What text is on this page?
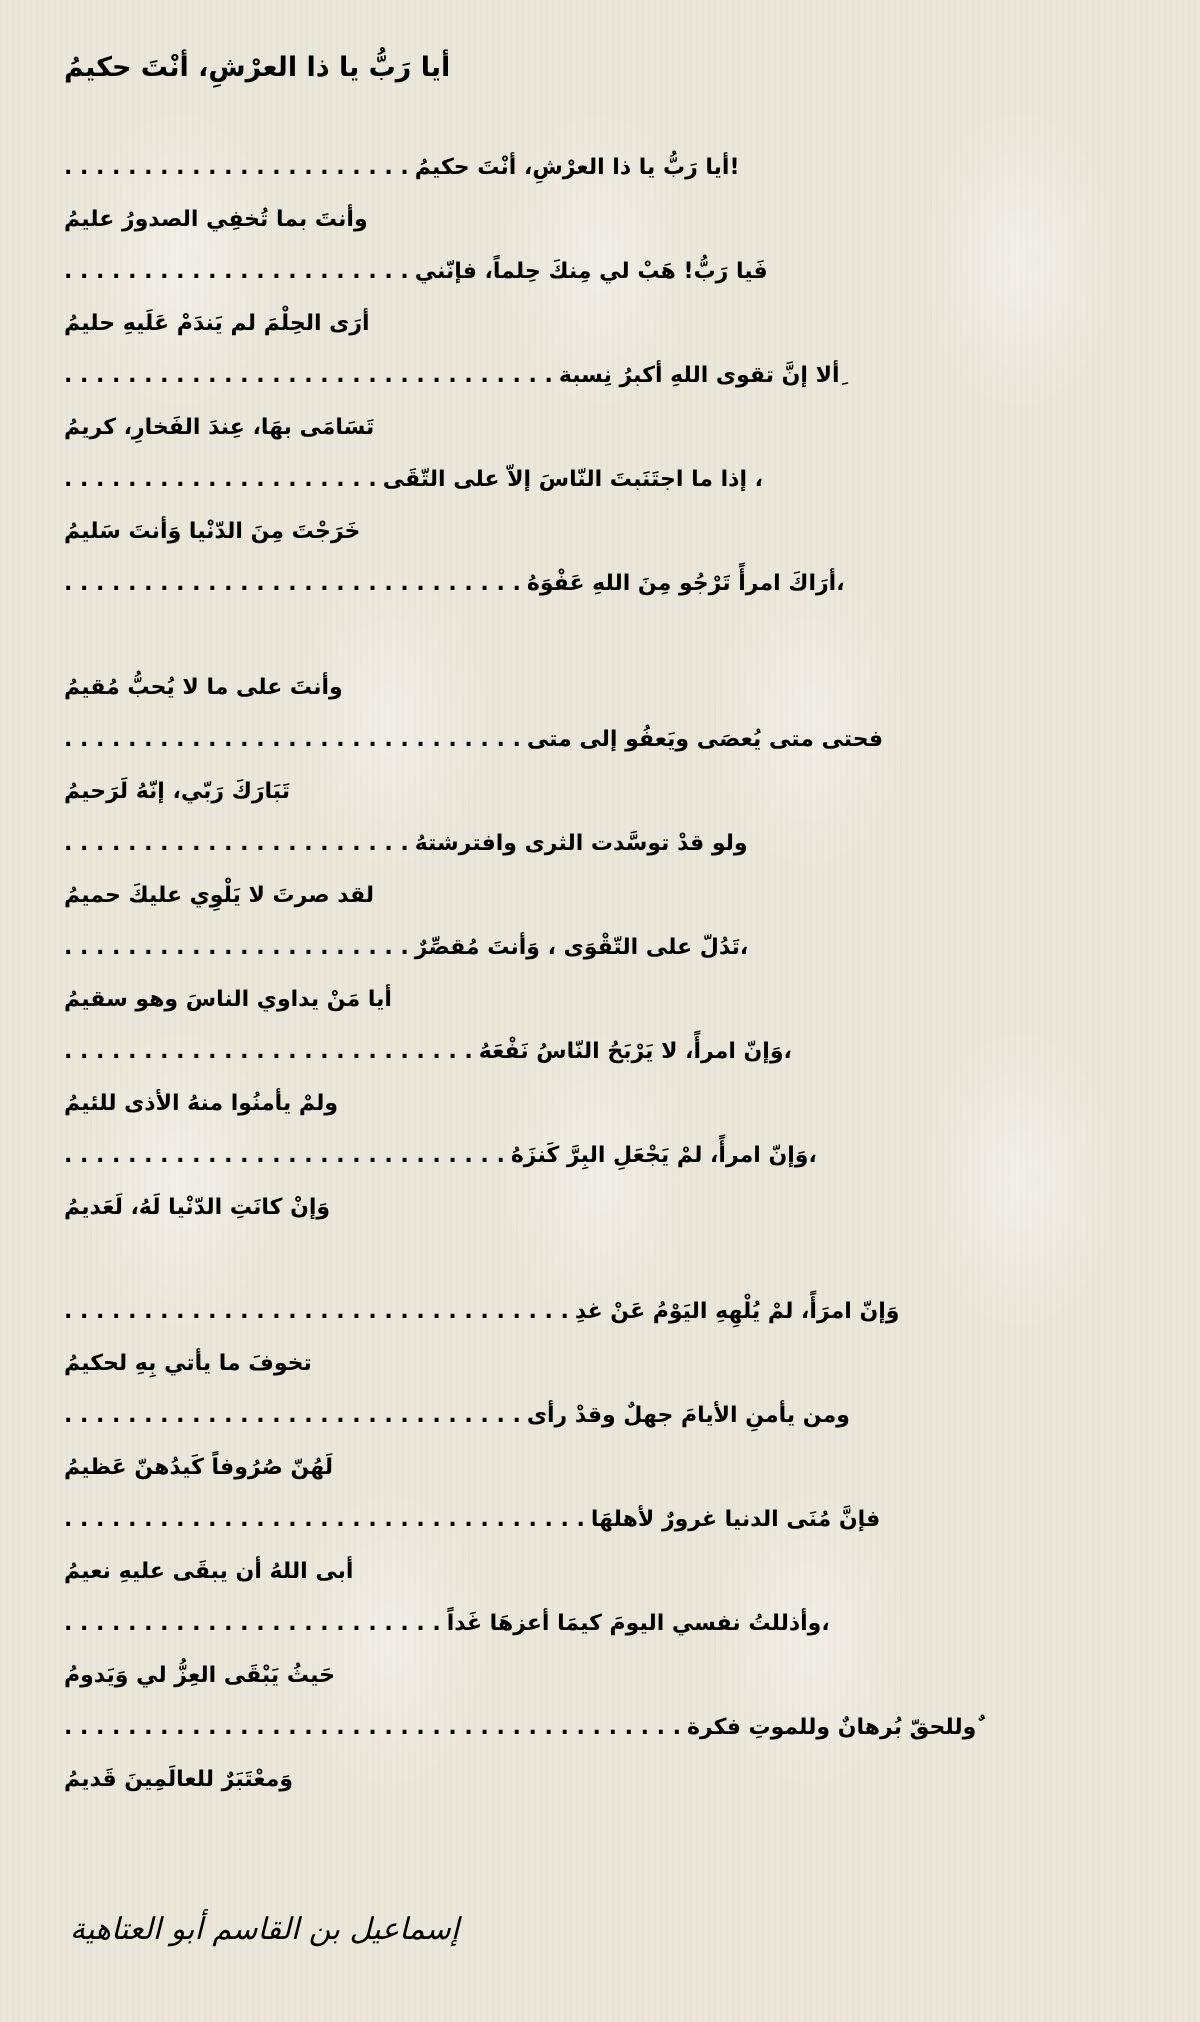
أيا رَبُّ يا ذا العرْشِ، أنْتَ حكيمُ
. . . . . . . . . . . . . . . . . . . . . . !أيا رَبُّ يا ذا العرْشِ، أنْتَ حكيمُ
وأنتَ بما تُخفِي الصدورُ عليمُ
. . . . . . . . . . . . . . . . . . . . . . فَيا رَبُّ! هَبْ لي مِنكَ حِلماً، فإنّني
أرَى الحِلْمَ لم يَندَمْ عَلَيهِ حليمُ
. . . . . . . . . . . . . . . . . . . . . . . . . . . . . . . ِألا إنَّ تقوى اللهِ أكبرُ نِسبة
تَسَامَى بهَا، عِندَ الفَخارِ، كريمُ
. . . . . . . . . . . . . . . . . . . . ، إذا ما اجتَنَبتَ النّاسَ إلاّ على التّقَى
خَرَجْتَ مِنَ الدّنْيا وَأنتَ سَليمُ
. . . . . . . . . . . . . . . . . . . . . . . . . . . . . ،أرَاكَ امرأً تَرْجُو مِنَ اللهِ عَفْوَهُ
وأنتَ على ما لا يُحبُّ مُقيمُ
. . . . . . . . . . . . . . . . . . . . . . . . . . . . . فحتى متى يُعصَى ويَعفُو إلى متى
تَبَارَكَ رَبّي، إنّهُ لَرَحيمُ
. . . . . . . . . . . . . . . . . . . . . . ولو قدْ توسَّدت الثرى وافترشتهُ
لقد صرتَ لا يَلْوِي عليكَ حميمُ
. . . . . . . . . . . . . . . . . . . . . . ،تَدُلّ على التّقْوَى ، وَأنتَ مُقصِّرٌ
أيا مَنْ يداوي الناسَ وهو سقيمُ
. . . . . . . . . . . . . . . . . . . . . . . . . . ،وَإنّ امرأً، لا يَرْبَحُ النّاسُ نَفْعَهُ
ولمْ يأمنُوا منهُ الأذى للئيمُ
. . . . . . . . . . . . . . . . . . . . . . . . . . . . ،وَإنّ امرأً، لمْ يَجْعَلِ البِرَّ كَنزَهُ
وَإنْ كانَتِ الدّنْيا لَهُ، لَعَديمُ
. . . . . . . . . . . . . . . . . . . . . . . . . . . . . . . . وَإنّ امرَأً، لمْ يُلْهِهِ اليَوْمُ عَنْ غدِ
تخوفَ ما يأتي بِهِ لحكيمُ
. . . . . . . . . . . . . . . . . . . . . . . . . . . . . ومن يأمنِ الأيامَ جهلٌ وقدْ رأى
لَهُنّ صُرُوفاً كَيدُهنّ عَظيمُ
. . . . . . . . . . . . . . . . . . . . . . . . . . . . . . . . . فإنَّ مُنَى الدنيا غرورٌ لأهلهَا
أبى اللهُ أن يبقَى عليهِ نعيمُ
. . . . . . . . . . . . . . . . . . . . . . . . ،وأذللتُ نفسي اليومَ كيمَا أعزهَا غَداً
حَيثُ يَبْقَى العِزُّ لي وَيَدومُ
. . . . . . . . . . . . . . . . . . . . . . . . . . . . . . . . . . . . . . . ٌوللحقّ بُرهانٌ وللموتِ فكرة
وَمعْتَبَرٌ للعالَمِينَ قَديمُ
إسماعيل بن القاسم أبو العتاهية
